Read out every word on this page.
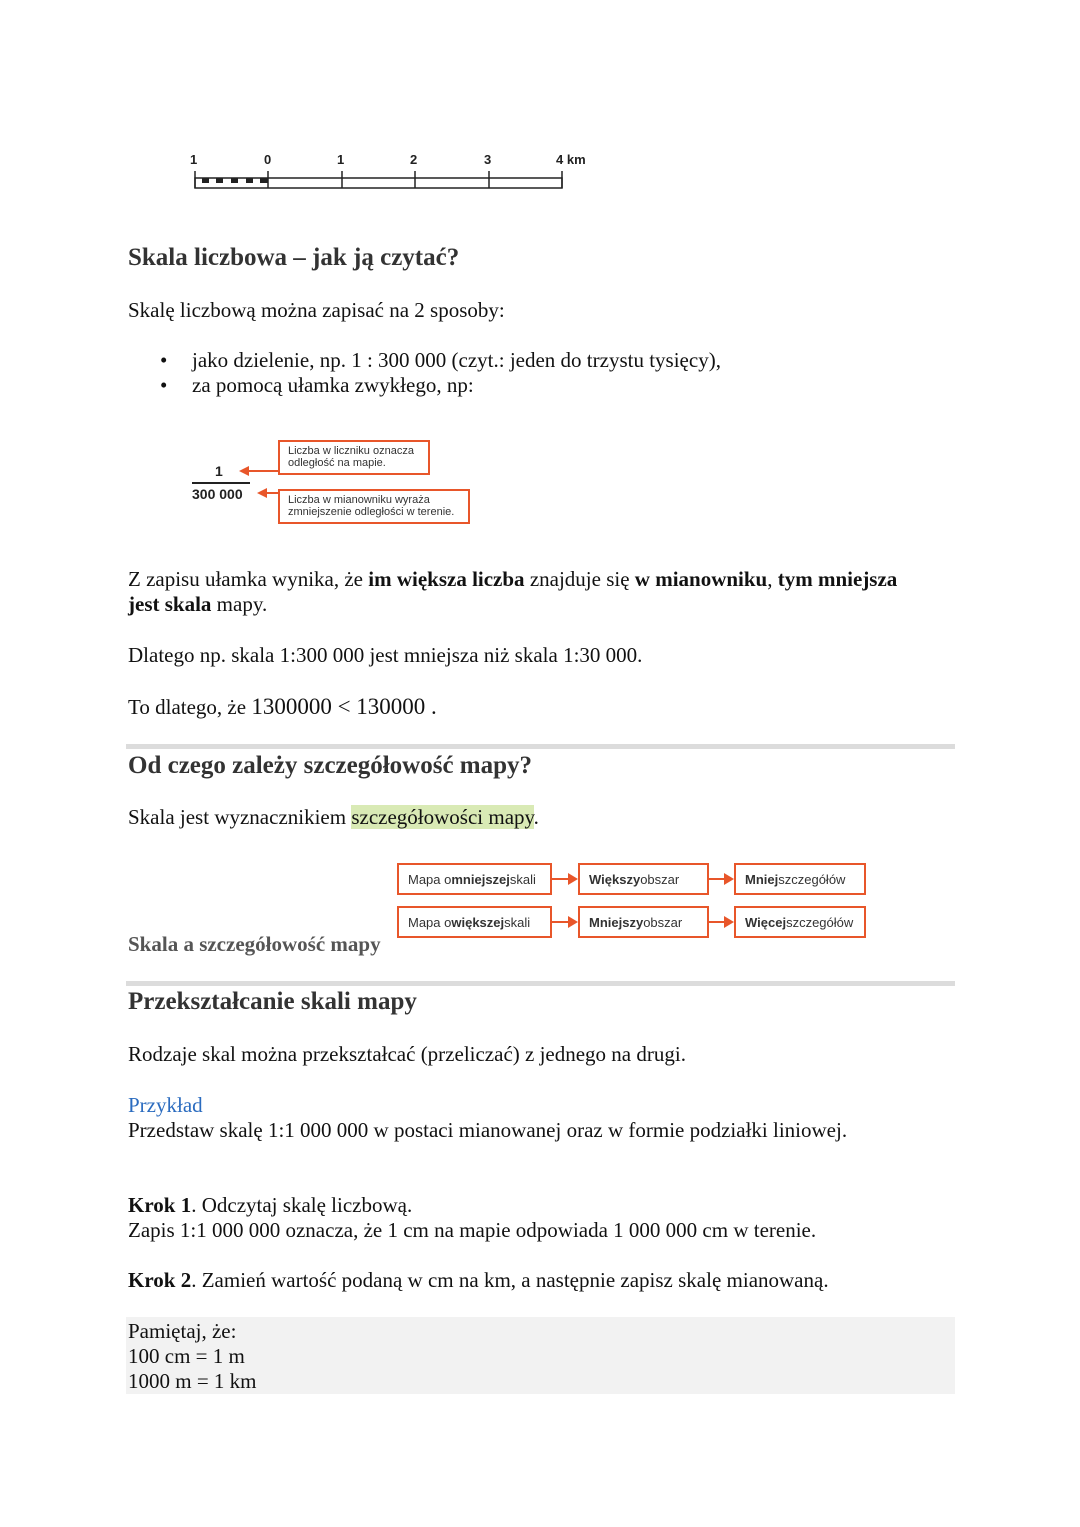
1	0	1	2	3	4 km
Skala liczbowa – jak ją czytać?
Skalę liczbową można zapisać na 2 sposoby:
• jako dzielenie, np. 1 : 300 000 (czyt.: jeden do trzystu tysięcy),
• za pomocą ułamka zwykłego, np:
1
300 000
Liczba w liczniku oznacza
odległość na mapie.
Liczba w mianowniku wyraża
zmniejszenie odległości w terenie.
Z zapisu ułamka wynika, że im większa liczba znajduje się w mianowniku, tym mniejsza
jest skala mapy.
Dlatego np. skala 1:300 000 jest mniejsza niż skala 1:30 000.
To dlatego, że 1300000 < 130000 .
Od czego zależy szczegółowość mapy?
Skala jest wyznacznikiem szczegółowości mapy.
Mapa o mniejszej skali	Większy obszar	Mniej szczegółów
Mapa o większej skali	Mniejszy obszar	Więcej szczegółów
Skala a szczegółowość mapy
Przekształcanie skali mapy
Rodzaje skal można przekształcać (przeliczać) z jednego na drugi.
Przykład
Przedstaw skalę 1:1 000 000 w postaci mianowanej oraz w formie podziałki liniowej.
Krok 1. Odczytaj skalę liczbową.
Zapis 1:1 000 000 oznacza, że 1 cm na mapie odpowiada 1 000 000 cm w terenie.
Krok 2. Zamień wartość podaną w cm na km, a następnie zapisz skalę mianowaną.
Pamiętaj, że:
100 cm = 1 m
1000 m = 1 km
